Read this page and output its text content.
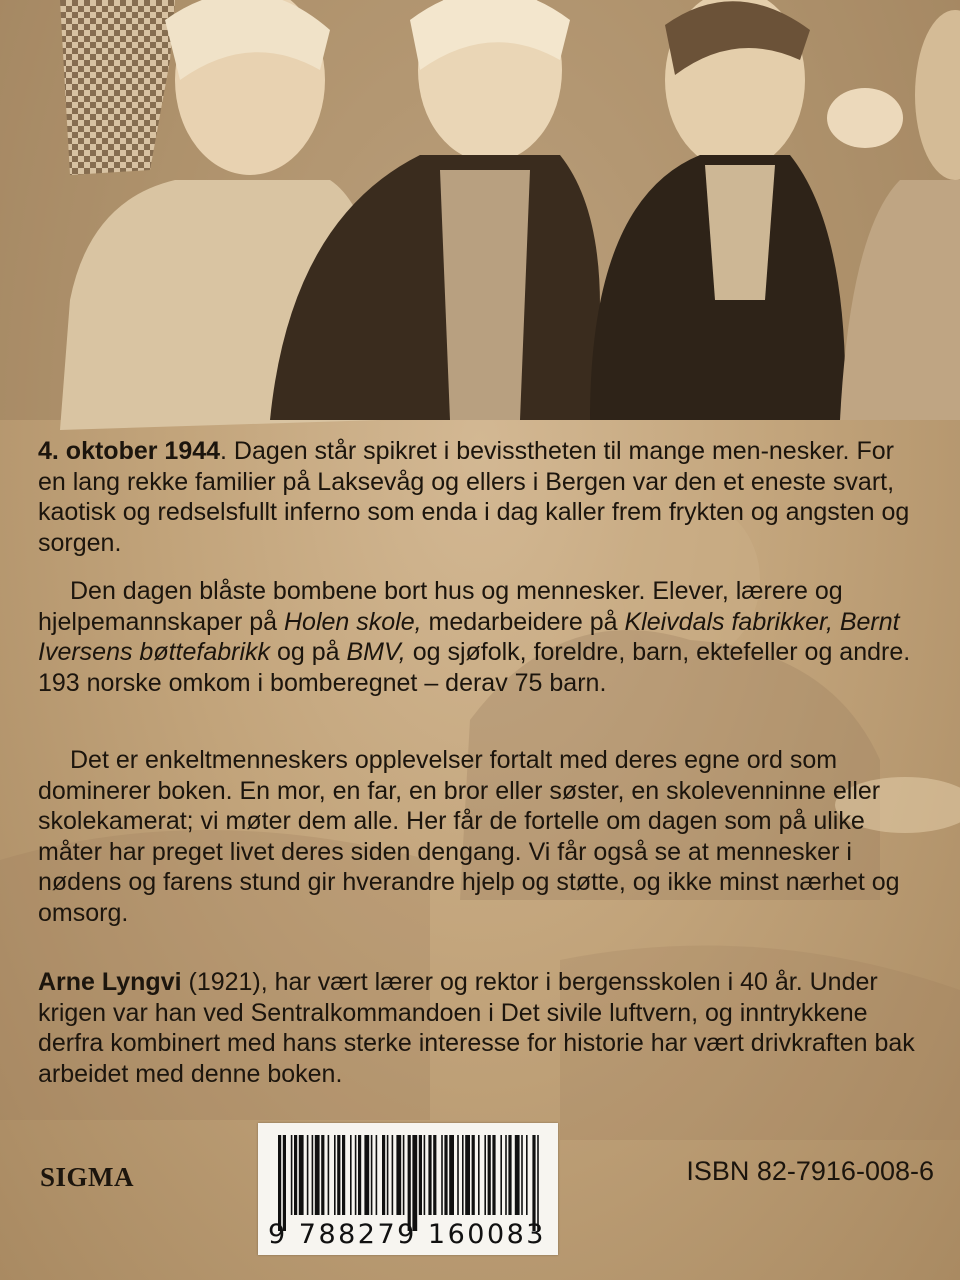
4. oktober 1944. Dagen står spikret i bevisstheten til mange men-nesker. For en lang rekke familier på Laksevåg og ellers i Bergen var den et eneste svart, kaotisk og redselsfullt inferno som enda i dag kaller frem frykten og angsten og sorgen.

Den dagen blåste bombene bort hus og mennesker. Elever, lærere og hjelpemannskaper på Holen skole, medarbeidere på Kleivdals fabrikker, Bernt Iversens bøttefabrikk og på BMV, og sjøfolk, foreldre, barn, ektefeller og andre. 193 norske omkom i bomberegnet – derav 75 barn.

Det er enkeltmenneskers opplevelser fortalt med deres egne ord som dominerer boken. En mor, en far, en bror eller søster, en skolevenninne eller skolekamerat; vi møter dem alle. Her får de fortelle om dagen som på ulike måter har preget livet deres siden dengang. Vi får også se at mennesker i nødens og farens stund gir hverandre hjelp og støtte, og ikke minst nærhet og omsorg.

Arne Lyngvi (1921), har vært lærer og rektor i bergensskolen i 40 år. Under krigen var han ved Sentralkommandoen i Det sivile luftvern, og inntrykkene derfra kombinert med hans sterke interesse for historie har vært drivkraften bak arbeidet med denne boken.

SIGMA
9 788279 160083
ISBN 82-7916-008-6
